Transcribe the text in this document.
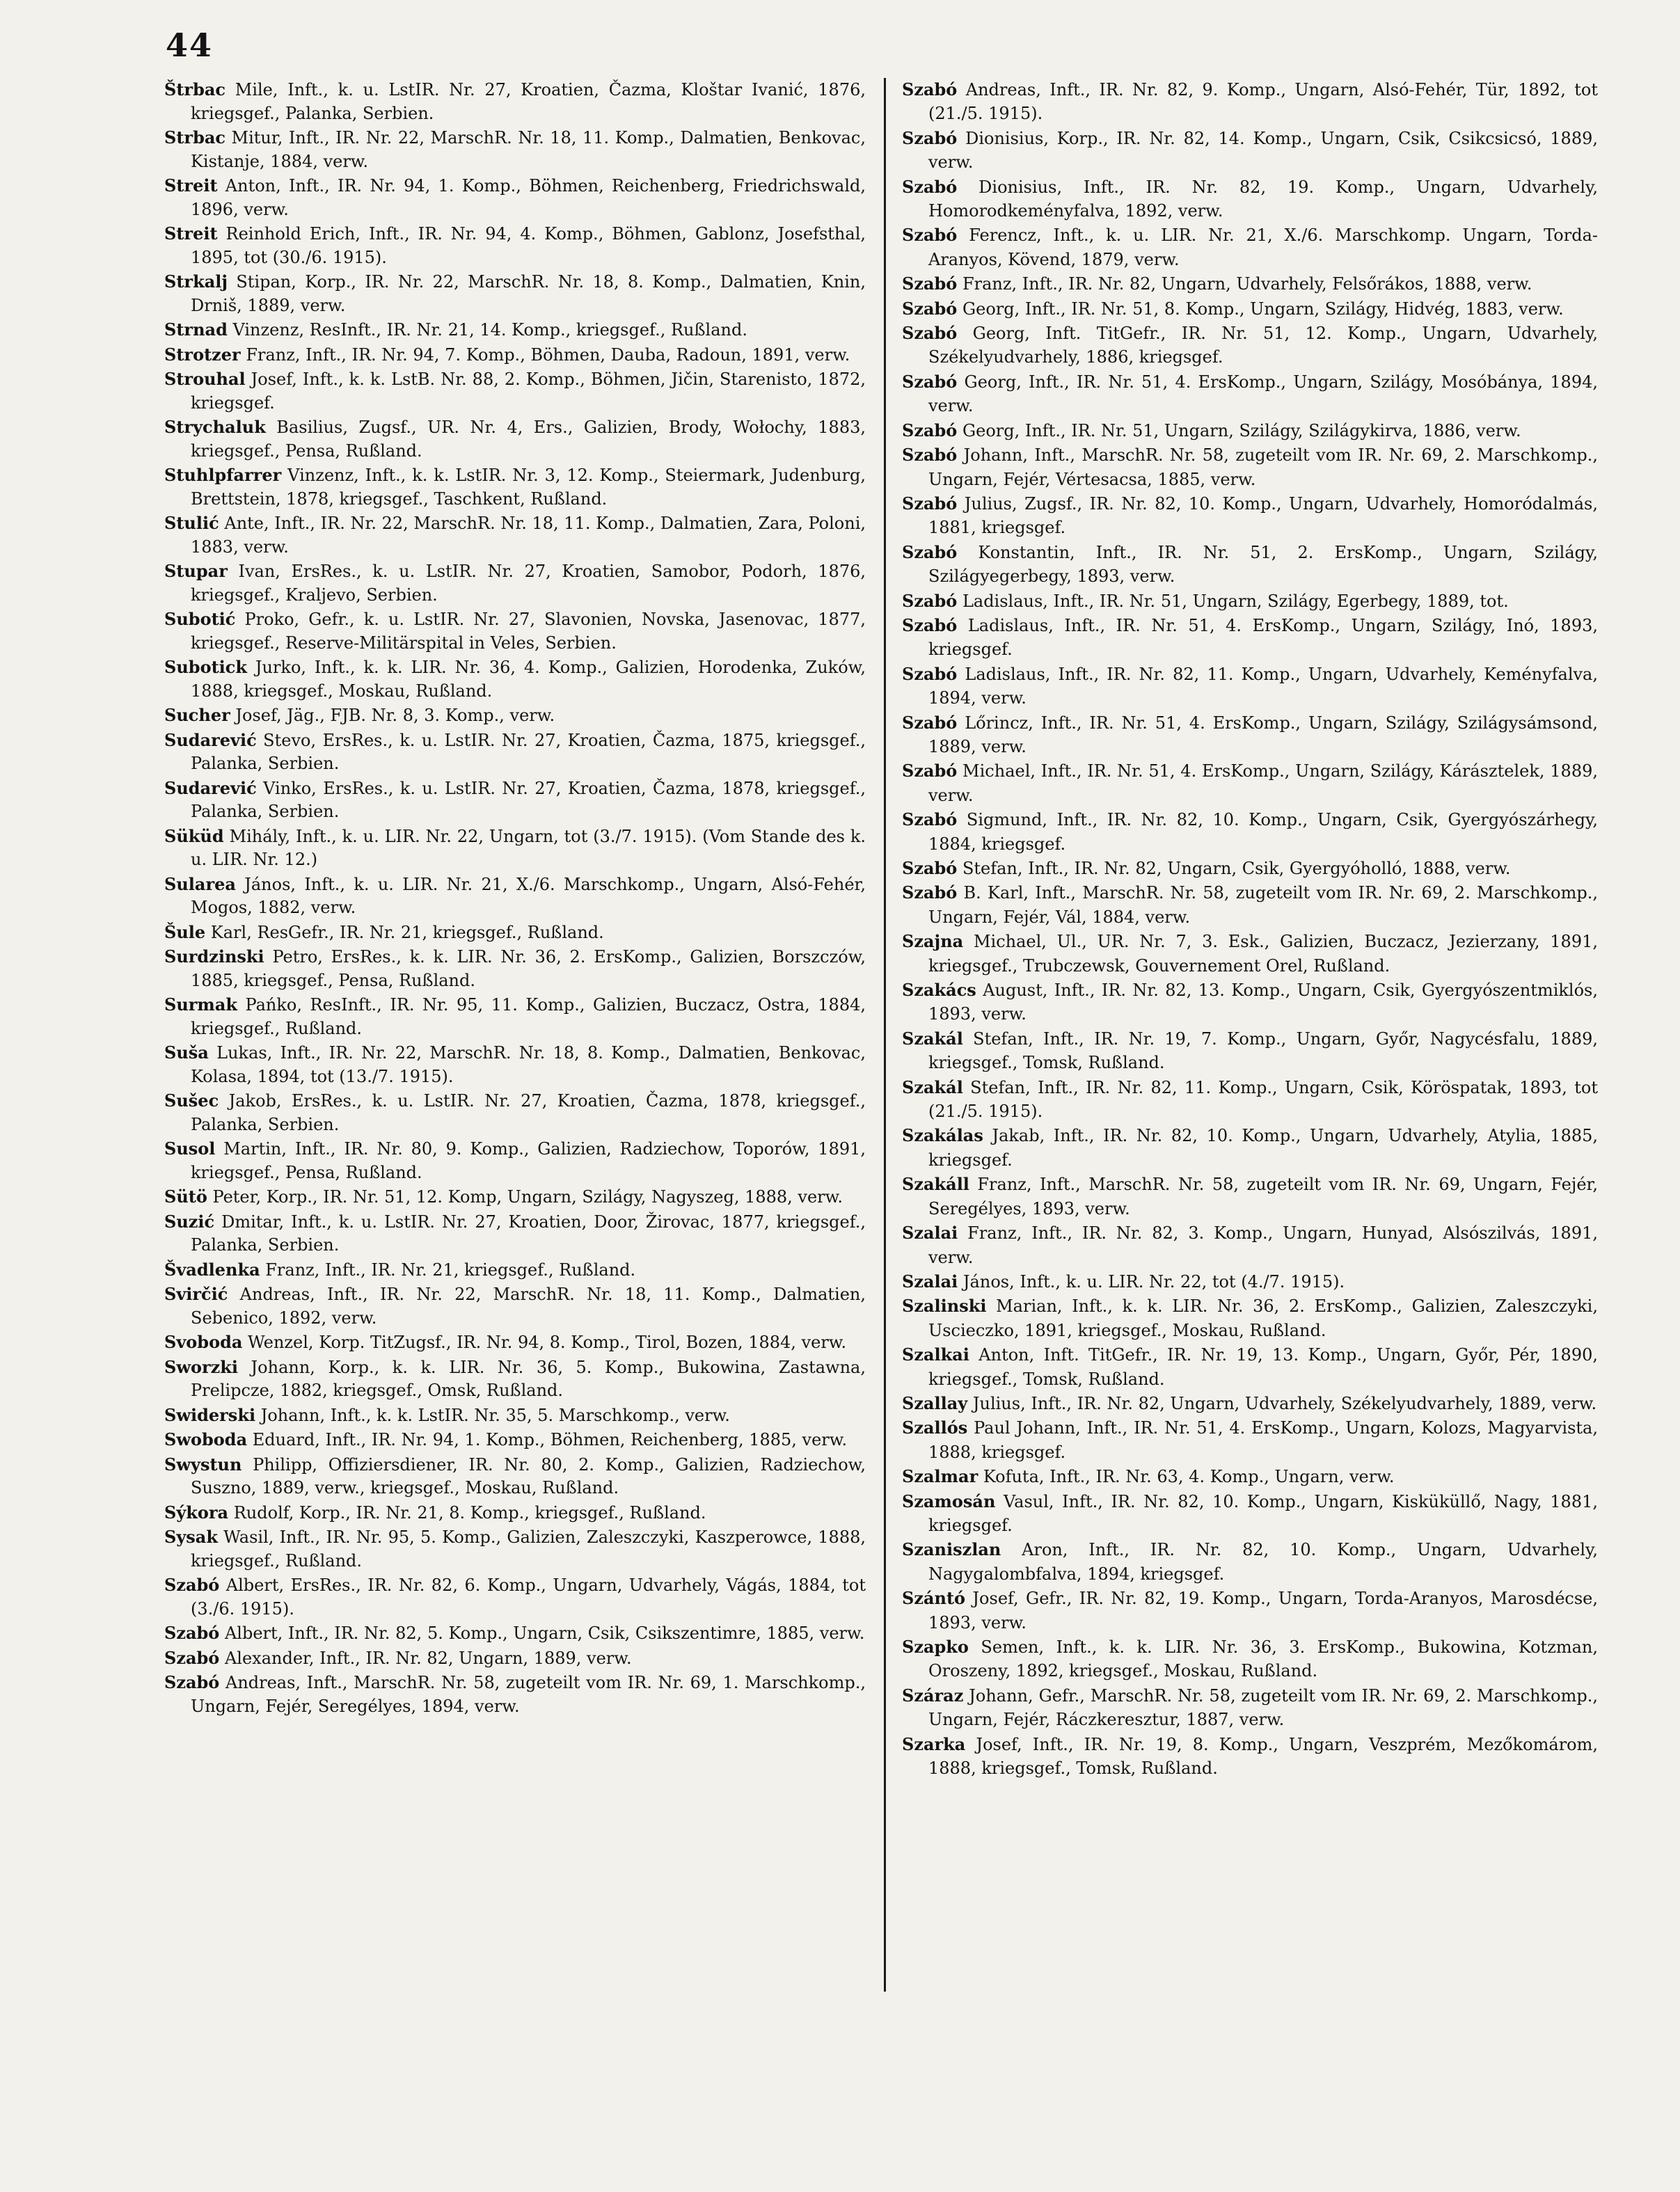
44

Štrbac Mile, Inft., k. u. LstIR. Nr. 27, Kroatien, Čazma, Kloštar Ivanić, 1876, kriegsgef., Palanka, Serbien.

Strbac Mitur, Inft., IR. Nr. 22, MarschR. Nr. 18, 11. Komp., Dalmatien, Benkovac, Kistanje, 1884, verw.

Streit Anton, Inft., IR. Nr. 94, 1. Komp., Böhmen, Reichenberg, Friedrichswald, 1896, verw.

Streit Reinhold Erich, Inft., IR. Nr. 94, 4. Komp., Böhmen, Gablonz, Josefsthal, 1895, tot (30./6. 1915).

Strkalj Stipan, Korp., IR. Nr. 22, MarschR. Nr. 18, 8. Komp., Dalmatien, Knin, Drniš, 1889, verw.

Strnad Vinzenz, ResInft., IR. Nr. 21, 14. Komp., kriegsgef., Rußland.

Strotzer Franz, Inft., IR. Nr. 94, 7. Komp., Böhmen, Dauba, Radoun, 1891, verw.

Strouhal Josef, Inft., k. k. LstB. Nr. 88, 2. Komp., Böhmen, Jičin, Starenisto, 1872, kriegsgef.

Strychaluk Basilius, Zugsf., UR. Nr. 4, Ers., Galizien, Brody, Wołochy, 1883, kriegsgef., Pensa, Rußland.

Stuhlpfarrer Vinzenz, Inft., k. k. LstIR. Nr. 3, 12. Komp., Steiermark, Judenburg, Brettstein, 1878, kriegsgef., Taschkent, Rußland.

Stulić Ante, Inft., IR. Nr. 22, MarschR. Nr. 18, 11. Komp., Dalmatien, Zara, Poloni, 1883, verw.

Stupar Ivan, ErsRes., k. u. LstIR. Nr. 27, Kroatien, Samobor, Podorh, 1876, kriegsgef., Kraljevo, Serbien.

Subotić Proko, Gefr., k. u. LstIR. Nr. 27, Slavonien, Novska, Jasenovac, 1877, kriegsgef., Reserve-Militärspital in Veles, Serbien.

Subotick Jurko, Inft., k. k. LIR. Nr. 36, 4. Komp., Galizien, Horodenka, Zuków, 1888, kriegsgef., Moskau, Rußland.

Sucher Josef, Jäg., FJB. Nr. 8, 3. Komp., verw.

Sudarević Stevo, ErsRes., k. u. LstIR. Nr. 27, Kroatien, Čazma, 1875, kriegsgef., Palanka, Serbien.

Sudarević Vinko, ErsRes., k. u. LstIR. Nr. 27, Kroatien, Čazma, 1878, kriegsgef., Palanka, Serbien.

Süküd Mihály, Inft., k. u. LIR. Nr. 22, Ungarn, tot (3./7. 1915). (Vom Stande des k. u. LIR. Nr. 12.)

Sularea János, Inft., k. u. LIR. Nr. 21, X./6. Marschkomp., Ungarn, Alsó-Fehér, Mogos, 1882, verw.

Šule Karl, ResGefr., IR. Nr. 21, kriegsgef., Rußland.

Surdzinski Petro, ErsRes., k. k. LIR. Nr. 36, 2. ErsKomp., Galizien, Borszczów, 1885, kriegsgef., Pensa, Rußland.

Surmak Pańko, ResInft., IR. Nr. 95, 11. Komp., Galizien, Buczacz, Ostra, 1884, kriegsgef., Rußland.

Suša Lukas, Inft., IR. Nr. 22, MarschR. Nr. 18, 8. Komp., Dalmatien, Benkovac, Kolasa, 1894, tot (13./7. 1915).

Sušec Jakob, ErsRes., k. u. LstIR. Nr. 27, Kroatien, Čazma, 1878, kriegsgef., Palanka, Serbien.

Susol Martin, Inft., IR. Nr. 80, 9. Komp., Galizien, Radziechow, Toporów, 1891, kriegsgef., Pensa, Rußland.

Sütö Peter, Korp., IR. Nr. 51, 12. Komp, Ungarn, Szilágy, Nagyszeg, 1888, verw.

Suzić Dmitar, Inft., k. u. LstIR. Nr. 27, Kroatien, Door, Žirovac, 1877, kriegsgef., Palanka, Serbien.

Švadlenka Franz, Inft., IR. Nr. 21, kriegsgef., Rußland.

Svirčić Andreas, Inft., IR. Nr. 22, MarschR. Nr. 18, 11. Komp., Dalmatien, Sebenico, 1892, verw.

Svoboda Wenzel, Korp. TitZugsf., IR. Nr. 94, 8. Komp., Tirol, Bozen, 1884, verw.

Sworzki Johann, Korp., k. k. LIR. Nr. 36, 5. Komp., Bukowina, Zastawna, Prelipcze, 1882, kriegsgef., Omsk, Rußland.

Swiderski Johann, Inft., k. k. LstIR. Nr. 35, 5. Marschkomp., verw.

Swoboda Eduard, Inft., IR. Nr. 94, 1. Komp., Böhmen, Reichenberg, 1885, verw.

Swystun Philipp, Offiziersdiener, IR. Nr. 80, 2. Komp., Galizien, Radziechow, Suszno, 1889, verw., kriegsgef., Moskau, Rußland.

Sýkora Rudolf, Korp., IR. Nr. 21, 8. Komp., kriegsgef., Rußland.

Sysak Wasil, Inft., IR. Nr. 95, 5. Komp., Galizien, Zaleszczyki, Kaszperowce, 1888, kriegsgef., Rußland.

Szabó Albert, ErsRes., IR. Nr. 82, 6. Komp., Ungarn, Udvarhely, Vágás, 1884, tot (3./6. 1915).

Szabó Albert, Inft., IR. Nr. 82, 5. Komp., Ungarn, Csik, Csikszentimre, 1885, verw.

Szabó Alexander, Inft., IR. Nr. 82, Ungarn, 1889, verw.

Szabó Andreas, Inft., MarschR. Nr. 58, zugeteilt vom IR. Nr. 69, 1. Marschkomp., Ungarn, Fejér, Seregélyes, 1894, verw.

Szabó Andreas, Inft., IR. Nr. 82, 9. Komp., Ungarn, Alsó-Fehér, Tür, 1892, tot (21./5. 1915).

Szabó Dionisius, Korp., IR. Nr. 82, 14. Komp., Ungarn, Csik, Csikcsicsó, 1889, verw.

Szabó Dionisius, Inft., IR. Nr. 82, 19. Komp., Ungarn, Udvarhely, Homorodkeményfalva, 1892, verw.

Szabó Ferencz, Inft., k. u. LIR. Nr. 21, X./6. Marschkomp. Ungarn, Torda-Aranyos, Kövend, 1879, verw.

Szabó Franz, Inft., IR. Nr. 82, Ungarn, Udvarhely, Felsőrákos, 1888, verw.

Szabó Georg, Inft., IR. Nr. 51, 8. Komp., Ungarn, Szilágy, Hidvég, 1883, verw.

Szabó Georg, Inft. TitGefr., IR. Nr. 51, 12. Komp., Ungarn, Udvarhely, Székelyudvarhely, 1886, kriegsgef.

Szabó Georg, Inft., IR. Nr. 51, 4. ErsKomp., Ungarn, Szilágy, Mosóbánya, 1894, verw.

Szabó Georg, Inft., IR. Nr. 51, Ungarn, Szilágy, Szilágykirva, 1886, verw.

Szabó Johann, Inft., MarschR. Nr. 58, zugeteilt vom IR. Nr. 69, 2. Marschkomp., Ungarn, Fejér, Vértesacsa, 1885, verw.

Szabó Julius, Zugsf., IR. Nr. 82, 10. Komp., Ungarn, Udvarhely, Homoródalmás, 1881, kriegsgef.

Szabó Konstantin, Inft., IR. Nr. 51, 2. ErsKomp., Ungarn, Szilágy, Szilágyegerbegy, 1893, verw.

Szabó Ladislaus, Inft., IR. Nr. 51, Ungarn, Szilágy, Egerbegy, 1889, tot.

Szabó Ladislaus, Inft., IR. Nr. 51, 4. ErsKomp., Ungarn, Szilágy, Inó, 1893, kriegsgef.

Szabó Ladislaus, Inft., IR. Nr. 82, 11. Komp., Ungarn, Udvarhely, Keményfalva, 1894, verw.

Szabó Lőrincz, Inft., IR. Nr. 51, 4. ErsKomp., Ungarn, Szilágy, Szilágysámsond, 1889, verw.

Szabó Michael, Inft., IR. Nr. 51, 4. ErsKomp., Ungarn, Szilágy, Kárásztelek, 1889, verw.

Szabó Sigmund, Inft., IR. Nr. 82, 10. Komp., Ungarn, Csik, Gyergyószárhegy, 1884, kriegsgef.

Szabó Stefan, Inft., IR. Nr. 82, Ungarn, Csik, Gyergyóholló, 1888, verw.

Szabó B. Karl, Inft., MarschR. Nr. 58, zugeteilt vom IR. Nr. 69, 2. Marschkomp., Ungarn, Fejér, Vál, 1884, verw.

Szajna Michael, Ul., UR. Nr. 7, 3. Esk., Galizien, Buczacz, Jezierzany, 1891, kriegsgef., Trubczewsk, Gouvernement Orel, Rußland.

Szakács August, Inft., IR. Nr. 82, 13. Komp., Ungarn, Csik, Gyergyószentmiklós, 1893, verw.

Szakál Stefan, Inft., IR. Nr. 19, 7. Komp., Ungarn, Győr, Nagycésfalu, 1889, kriegsgef., Tomsk, Rußland.

Szakál Stefan, Inft., IR. Nr. 82, 11. Komp., Ungarn, Csik, Köröspatak, 1893, tot (21./5. 1915).

Szakálas Jakab, Inft., IR. Nr. 82, 10. Komp., Ungarn, Udvarhely, Atylia, 1885, kriegsgef.

Szakáll Franz, Inft., MarschR. Nr. 58, zugeteilt vom IR. Nr. 69, Ungarn, Fejér, Seregélyes, 1893, verw.

Szalai Franz, Inft., IR. Nr. 82, 3. Komp., Ungarn, Hunyad, Alsószilvás, 1891, verw.

Szalai János, Inft., k. u. LIR. Nr. 22, tot (4./7. 1915).

Szalinski Marian, Inft., k. k. LIR. Nr. 36, 2. ErsKomp., Galizien, Zaleszczyki, Uscieczko, 1891, kriegsgef., Moskau, Rußland.

Szalkai Anton, Inft. TitGefr., IR. Nr. 19, 13. Komp., Ungarn, Győr, Pér, 1890, kriegsgef., Tomsk, Rußland.

Szallay Julius, Inft., IR. Nr. 82, Ungarn, Udvarhely, Székelyudvarhely, 1889, verw.

Szallós Paul Johann, Inft., IR. Nr. 51, 4. ErsKomp., Ungarn, Kolozs, Magyarvista, 1888, kriegsgef.

Szalmar Kofuta, Inft., IR. Nr. 63, 4. Komp., Ungarn, verw.

Szamosán Vasul, Inft., IR. Nr. 82, 10. Komp., Ungarn, Kisküküllő, Nagy, 1881, kriegsgef.

Szaniszlan Aron, Inft., IR. Nr. 82, 10. Komp., Ungarn, Udvarhely, Nagygalombfalva, 1894, kriegsgef.

Szántó Josef, Gefr., IR. Nr. 82, 19. Komp., Ungarn, Torda-Aranyos, Marosdécse, 1893, verw.

Szapko Semen, Inft., k. k. LIR. Nr. 36, 3. ErsKomp., Bukowina, Kotzman, Oroszeny, 1892, kriegsgef., Moskau, Rußland.

Száraz Johann, Gefr., MarschR. Nr. 58, zugeteilt vom IR. Nr. 69, 2. Marschkomp., Ungarn, Fejér, Ráczkeresztur, 1887, verw.

Szarka Josef, Inft., IR. Nr. 19, 8. Komp., Ungarn, Veszprém, Mezőkomárom, 1888, kriegsgef., Tomsk, Rußland.
